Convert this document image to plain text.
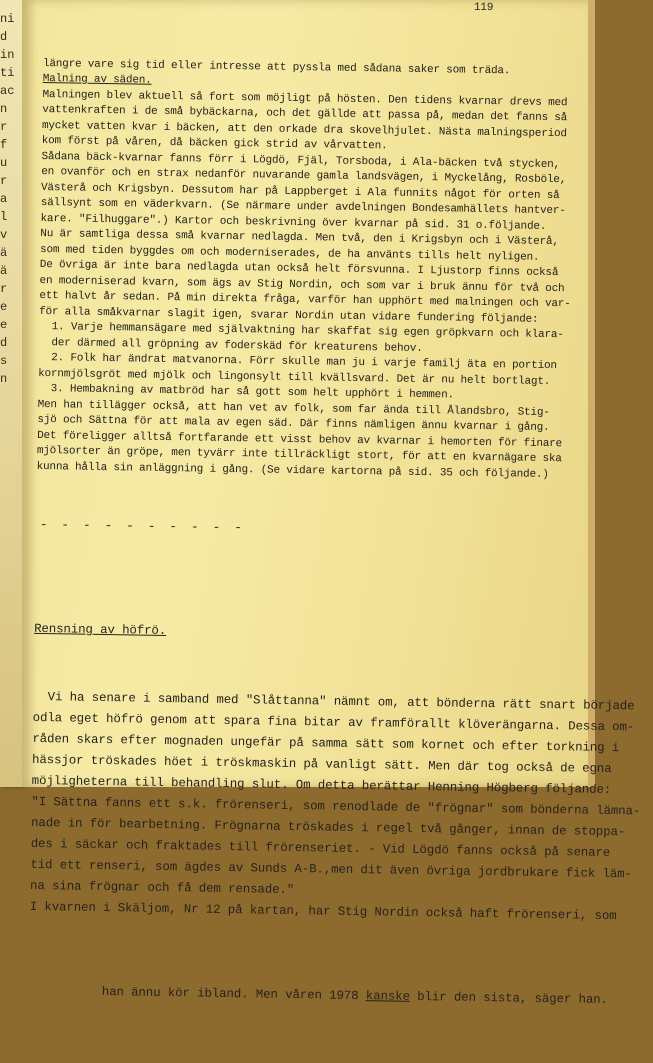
ni
d
in
ti
ac
n
r
f
u
r
a
l
v
ä
ä
r
e
e
d
s
n

119

längre vare sig tid eller intresse att pyssla med sådana saker som träda.
Malning av säden.
Malningen blev aktuell så fort som möjligt på hösten. Den tidens kvarnar drevs med
vattenkraften i de små bybäckarna, och det gällde att passa på, medan det fanns så
mycket vatten kvar i bäcken, att den orkade dra skovelhjulet. Nästa malningsperiod
kom först på våren, då bäcken gick strid av vårvatten.
Sådana bäck-kvarnar fanns förr i Lögdö, Fjäl, Torsboda, i Ala-bäcken två stycken,
en ovanför och en strax nedanför nuvarande gamla landsvägen, i Myckelång, Rosböle,
Västerå och Krigsbyn. Dessutom har på Lappberget i Ala funnits något för orten så
sällsynt som en väderkvarn. (Se närmare under avdelningen Bondesamhällets hantver-
kare. "Filhuggare".) Kartor och beskrivning över kvarnar på sid. 31 o.följande.
Nu är samtliga dessa små kvarnar nedlagda. Men två, den i Krigsbyn och i Västerå,
som med tiden byggdes om och moderniserades, de ha använts tills helt nyligen.
De övriga är inte bara nedlagda utan också helt försvunna. I Ljustorp finns också
en moderniserad kvarn, som ägs av Stig Nordin, och som var i bruk ännu för två och
ett halvt år sedan. På min direkta fråga, varför han upphört med malningen och var-
för alla småkvarnar slagit igen, svarar Nordin utan vidare fundering följande:
1. Varje hemmansägare med självaktning har skaffat sig egen gröpkvarn och klara-
der därmed all gröpning av foderskäd för kreaturens behov.
2. Folk har ändrat matvanorna. Förr skulle man ju i varje familj äta en portion
kornmjölsgröt med mjölk och lingonsylt till kvällsvard. Det är nu helt bortlagt.
3. Hembakning av matbröd har så gott som helt upphört i hemmen.
Men han tillägger också, att han vet av folk, som far ända till Ålandsbro, Stig-
sjö och Sättna för att mala av egen säd. Där finns nämligen ännu kvarnar i gång.
Det föreligger alltså fortfarande ett visst behov av kvarnar i hemorten för finare
mjölsorter än gröpe, men tyvärr inte tillräckligt stort, för att en kvarnägare ska
kunna hålla sin anläggning i gång. (Se vidare kartorna på sid. 35 och följande.)

- - - - - - - - - -

Rensning av höfrö.

Vi ha senare i samband med "Slåttanna" nämnt om, att bönderna rätt snart började
odla eget höfrö genom att spara fina bitar av framförallt klöverängarna. Dessa om-
råden skars efter mognaden ungefär på samma sätt som kornet och efter torkning i
hässjor tröskades höet i tröskmaskin på vanligt sätt. Men där tog också de egna
möjligheterna till behandling slut. Om detta berättar Henning Högberg följande:
"I Sättna fanns ett s.k. frörenseri, som renodlade de "frögnar" som bönderna lämna-
nade in för bearbetning. Frögnarna tröskades i regel två gånger, innan de stoppa-
des i säckar och fraktades till frörenseriet. - Vid Lögdö fanns också på senare
tid ett renseri, som ägdes av Sunds A-B.,men dit även övriga jordbrukare fick läm-
na sina frögnar och få dem rensade."
I kvarnen i Skäljom, Nr 12 på kartan, har Stig Nordin också haft frörenseri, som

han ännu kör ibland. Men våren 1978 kanske blir den sista, säger han.
